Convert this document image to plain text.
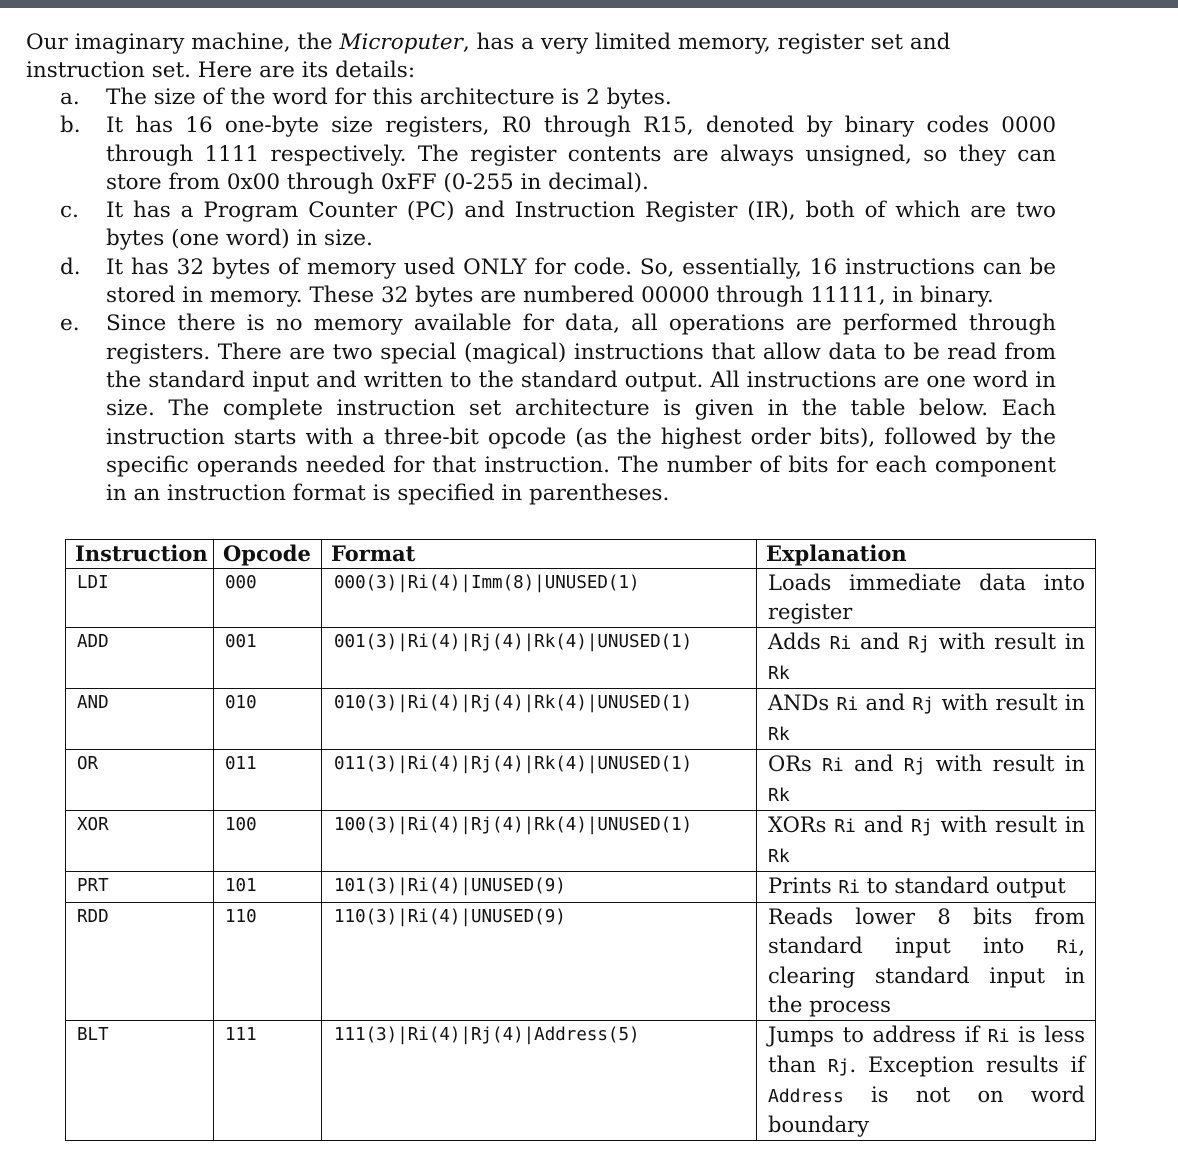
Our imaginary machine, the Microputer, has a very limited memory, register set and instruction set. Here are its details:

a.	The size of the word for this architecture is 2 bytes.
b.	It has 16 one-byte size registers, R0 through R15, denoted by binary codes 0000 through 1111 respectively. The register contents are always unsigned, so they can store from 0x00 through 0xFF (0-255 in decimal).
c.	It has a Program Counter (PC) and Instruction Register (IR), both of which are two bytes (one word) in size.
d.	It has 32 bytes of memory used ONLY for code. So, essentially, 16 instructions can be stored in memory. These 32 bytes are numbered 00000 through 11111, in binary.
e.	Since there is no memory available for data, all operations are performed through registers. There are two special (magical) instructions that allow data to be read from the standard input and written to the standard output. All instructions are one word in size. The complete instruction set architecture is given in the table below. Each instruction starts with a three-bit opcode (as the highest order bits), followed by the specific operands needed for that instruction. The number of bits for each component in an instruction format is specified in parentheses.
Instruction	Opcode	Format	Explanation
LDI	000	000(3)|Ri(4)|Imm(8)|UNUSED(1)	Loads immediate data into register
ADD	001	001(3)|Ri(4)|Rj(4)|Rk(4)|UNUSED(1)	Adds Ri and Rj with result in Rk
AND	010	010(3)|Ri(4)|Rj(4)|Rk(4)|UNUSED(1)	ANDs Ri and Rj with result in Rk
OR	011	011(3)|Ri(4)|Rj(4)|Rk(4)|UNUSED(1)	ORs Ri and Rj with result in Rk
XOR	100	100(3)|Ri(4)|Rj(4)|Rk(4)|UNUSED(1)	XORs Ri and Rj with result in Rk
PRT	101	101(3)|Ri(4)|UNUSED(9)	Prints Ri to standard output
RDD	110	110(3)|Ri(4)|UNUSED(9)	Reads lower 8 bits from standard input into Ri, clearing standard input in the process
BLT	111	111(3)|Ri(4)|Rj(4)|Address(5)	Jumps to address if Ri is less than Rj. Exception results if Address is not on word boundary
